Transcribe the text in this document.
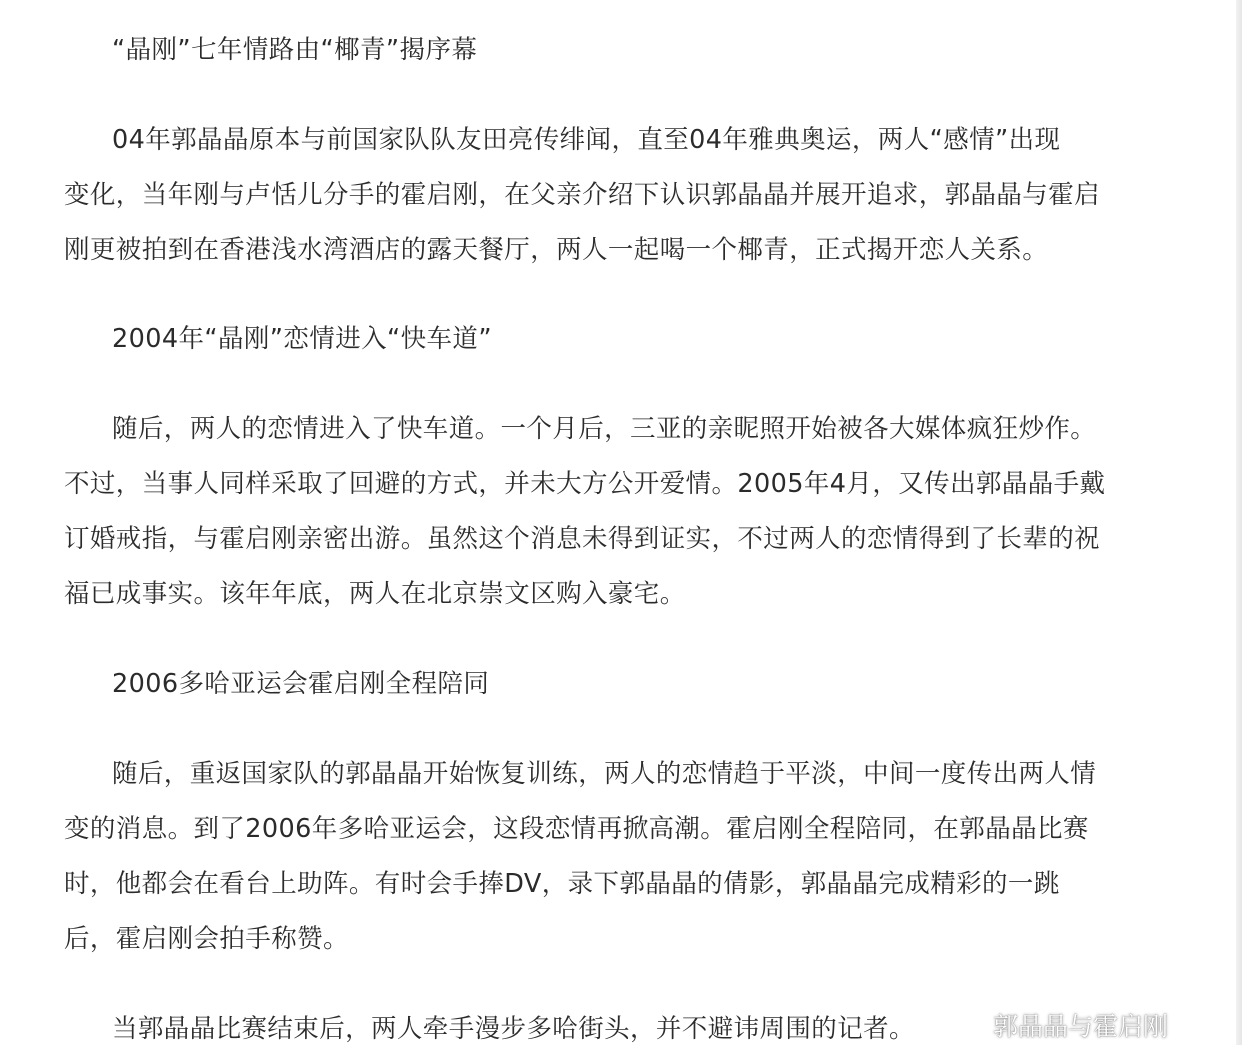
“晶刚”七年情路由“椰青”揭序幕
04年郭晶晶原本与前国家队队友田亮传绯闻，直至04年雅典奥运，两人“感情”出现
变化，当年刚与卢恬儿分手的霍启刚，在父亲介绍下认识郭晶晶并展开追求，郭晶晶与霍启
刚更被拍到在香港浅水湾酒店的露天餐厅，两人一起喝一个椰青，正式揭开恋人关系。
2004年“晶刚”恋情进入“快车道”
随后，两人的恋情进入了快车道。一个月后，三亚的亲昵照开始被各大媒体疯狂炒作。
不过，当事人同样采取了回避的方式，并未大方公开爱情。2005年4月，又传出郭晶晶手戴
订婚戒指，与霍启刚亲密出游。虽然这个消息未得到证实，不过两人的恋情得到了长辈的祝
福已成事实。该年年底，两人在北京崇文区购入豪宅。
2006多哈亚运会霍启刚全程陪同
随后，重返国家队的郭晶晶开始恢复训练，两人的恋情趋于平淡，中间一度传出两人情
变的消息。到了2006年多哈亚运会，这段恋情再掀高潮。霍启刚全程陪同，在郭晶晶比赛
时，他都会在看台上助阵。有时会手捧DV，录下郭晶晶的倩影，郭晶晶完成精彩的一跳
后，霍启刚会拍手称赞。
当郭晶晶比赛结束后，两人牵手漫步多哈街头，并不避讳周围的记者。	郭晶晶与霍启刚
